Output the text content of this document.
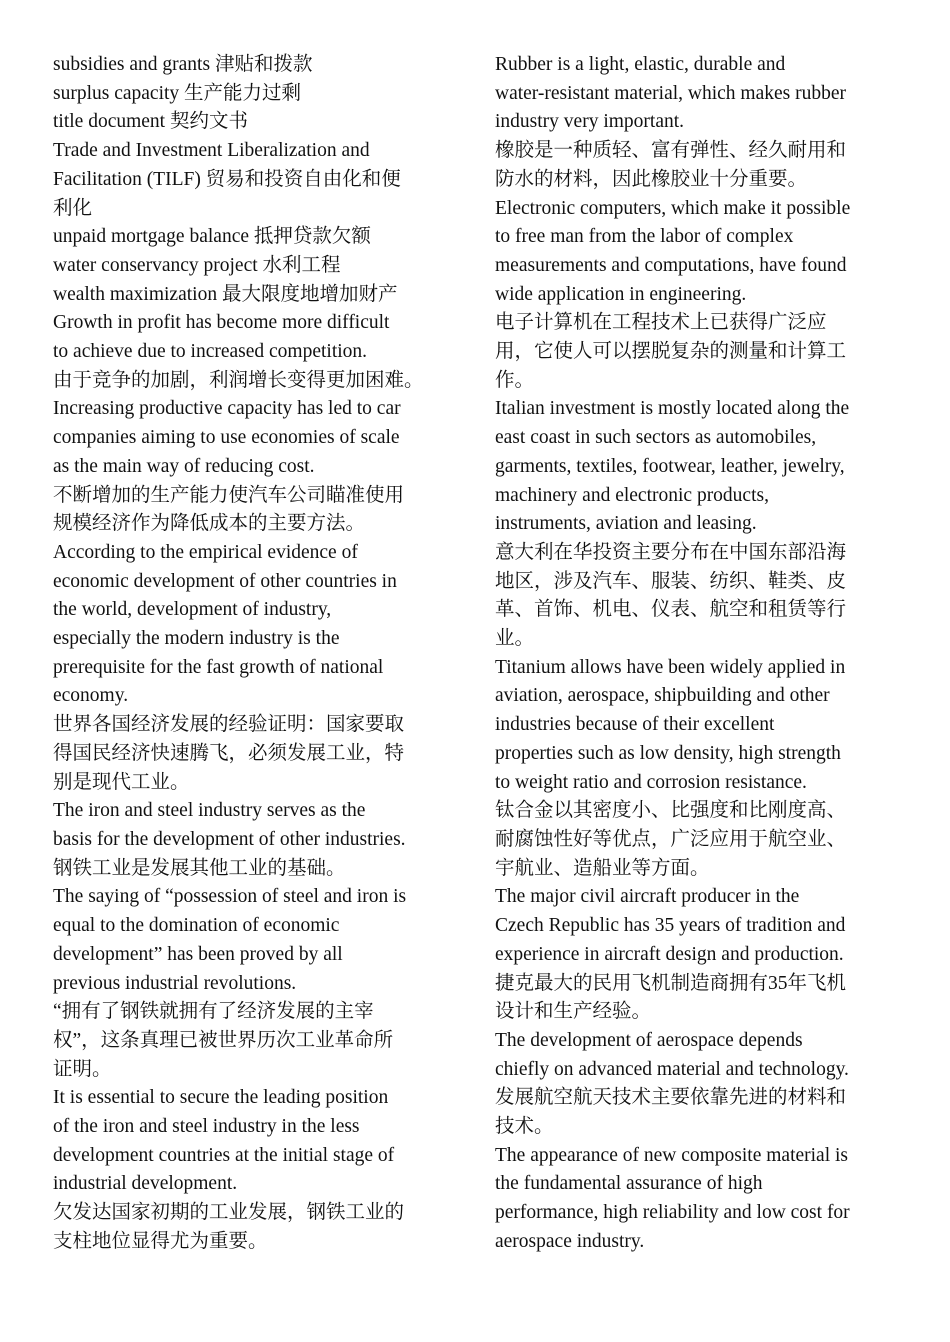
subsidies and grants 津贴和拨款
surplus capacity 生产能力过剩
title document 契约文书
Trade and Investment Liberalization and
Facilitation (TILF) 贸易和投资自由化和便
利化
unpaid mortgage balance 抵押贷款欠额
water conservancy project 水利工程
wealth maximization 最大限度地增加财产
Growth in profit has become more difficult
to achieve due to increased competition.
由于竞争的加剧，利润增长变得更加困难。
Increasing productive capacity has led to car
companies aiming to use economies of scale
as the main way of reducing cost.
不断增加的生产能力使汽车公司瞄准使用
规模经济作为降低成本的主要方法。
According to the empirical evidence of
economic development of other countries in
the world, development of industry,
especially the modern industry is the
prerequisite for the fast growth of national
economy.
世界各国经济发展的经验证明：国家要取
得国民经济快速腾飞，必须发展工业，特
别是现代工业。
The iron and steel industry serves as the
basis for the development of other industries.
钢铁工业是发展其他工业的基础。
The saying of “possession of steel and iron is
equal to the domination of economic
development” has been proved by all
previous industrial revolutions.
“拥有了钢铁就拥有了经济发展的主宰
权”，这条真理已被世界历次工业革命所
证明。
It is essential to secure the leading position
of the iron and steel industry in the less
development countries at the initial stage of
industrial development.
欠发达国家初期的工业发展，钢铁工业的
支柱地位显得尤为重要。
Rubber is a light, elastic, durable and
water-resistant material, which makes rubber
industry very important.
橡胶是一种质轻、富有弹性、经久耐用和
防水的材料，因此橡胶业十分重要。
Electronic computers, which make it possible
to free man from the labor of complex
measurements and computations, have found
wide application in engineering.
电子计算机在工程技术上已获得广泛应
用，它使人可以摆脱复杂的测量和计算工
作。
Italian investment is mostly located along the
east coast in such sectors as automobiles,
garments, textiles, footwear, leather, jewelry,
machinery and electronic products,
instruments, aviation and leasing.
意大利在华投资主要分布在中国东部沿海
地区，涉及汽车、服装、纺织、鞋类、皮
革、首饰、机电、仪表、航空和租赁等行
业。
Titanium allows have been widely applied in
aviation, aerospace, shipbuilding and other
industries because of their excellent
properties such as low density, high strength
to weight ratio and corrosion resistance.
钛合金以其密度小、比强度和比刚度高、
耐腐蚀性好等优点，广泛应用于航空业、
宇航业、造船业等方面。
The major civil aircraft producer in the
Czech Republic has 35 years of tradition and
experience in aircraft design and production.
捷克最大的民用飞机制造商拥有35年飞机
设计和生产经验。
The development of aerospace depends
chiefly on advanced material and technology.
发展航空航天技术主要依靠先进的材料和
技术。
The appearance of new composite material is
the fundamental assurance of high
performance, high reliability and low cost for
aerospace industry.
